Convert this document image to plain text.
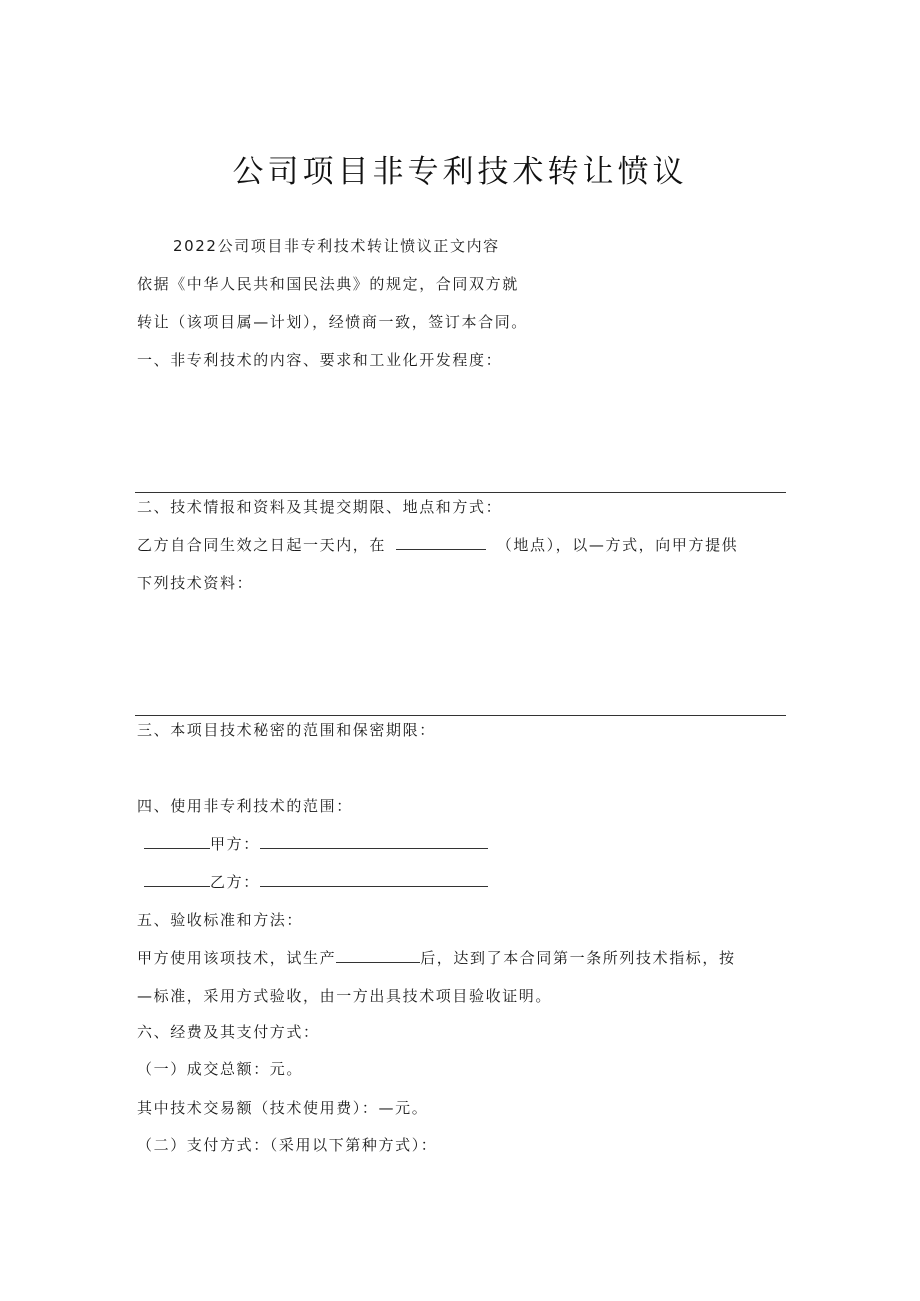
公司项目非专利技术转让愤议
2022公司项目非专利技术转让愤议正文内容
依据《中华人民共和国民法典》的规定，合同双方就
转让（该项目属—计划），经愤商一致，签订本合同。
一、非专利技术的内容、要求和工业化开发程度：
二、技术情报和资料及其提交期限、地点和方式：
乙方自合同生效之日起一天内，在	（地点），以—方式，向甲方提供
下列技术资料：
三、本项目技术秘密的范围和保密期限：
四、使用非专利技术的范围：
甲方：
乙方：
五、验收标准和方法：
甲方使用该项技术，试生产	后，达到了本合同第一条所列技术指标，按
—标准，采用方式验收，由一方出具技术项目验收证明。
六、经费及其支付方式：
（一）成交总额：元。
其中技术交易额（技术使用费）：—元。
（二）支付方式：（采用以下第种方式）：
